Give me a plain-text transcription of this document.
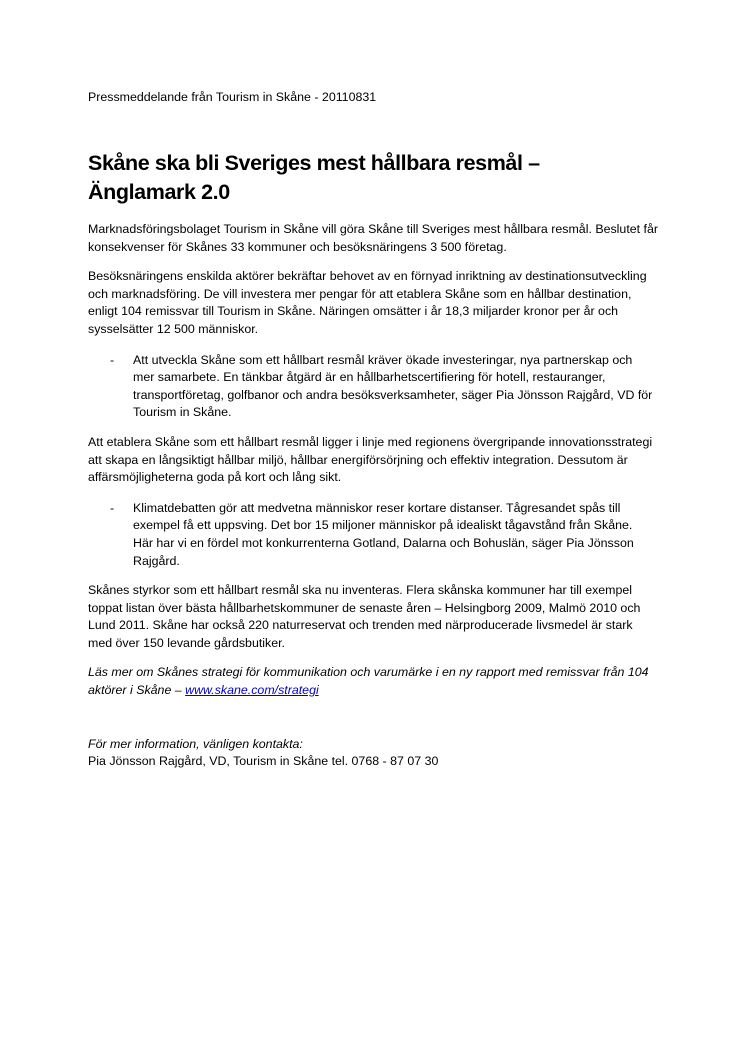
Pressmeddelande från Tourism in Skåne - 20110831

Skåne ska bli Sveriges mest hållbara resmål –
Änglamark 2.0

Marknadsföringsbolaget Tourism in Skåne vill göra Skåne till Sveriges mest hållbara resmål. Beslutet får konsekvenser för Skånes 33 kommuner och besöksnäringens 3 500 företag.

Besöksnäringens enskilda aktörer bekräftar behovet av en förnyad inriktning av destinationsutveckling och marknadsföring. De vill investera mer pengar för att etablera Skåne som en hållbar destination, enligt 104 remissvar till Tourism in Skåne. Näringen omsätter i år 18,3 miljarder kronor per år och sysselsätter 12 500 människor.

-	Att utveckla Skåne som ett hållbart resmål kräver ökade investeringar, nya partnerskap och mer samarbete. En tänkbar åtgärd är en hållbarhetscertifiering för hotell, restauranger, transportföretag, golfbanor och andra besöksverksamheter, säger Pia Jönsson Rajgård, VD för Tourism in Skåne.

Att etablera Skåne som ett hållbart resmål ligger i linje med regionens övergripande innovationsstrategi att skapa en långsiktigt hållbar miljö, hållbar energiförsörjning och effektiv integration. Dessutom är affärsmöjligheterna goda på kort och lång sikt.

-	Klimatdebatten gör att medvetna människor reser kortare distanser. Tågresandet spås till exempel få ett uppsving. Det bor 15 miljoner människor på idealiskt tågavstånd från Skåne. Här har vi en fördel mot konkurrenterna Gotland, Dalarna och Bohuslän, säger Pia Jönsson Rajgård.

Skånes styrkor som ett hållbart resmål ska nu inventeras. Flera skånska kommuner har till exempel toppat listan över bästa hållbarhetskommuner de senaste åren – Helsingborg 2009, Malmö 2010 och Lund 2011. Skåne har också 220 naturreservat och trenden med närproducerade livsmedel är stark med över 150 levande gårdsbutiker.

Läs mer om Skånes strategi för kommunikation och varumärke i en ny rapport med remissvar från 104 aktörer i Skåne – www.skane.com/strategi

För mer information, vänligen kontakta:

Pia Jönsson Rajgård, VD, Tourism in Skåne tel. 0768 - 87 07 30
